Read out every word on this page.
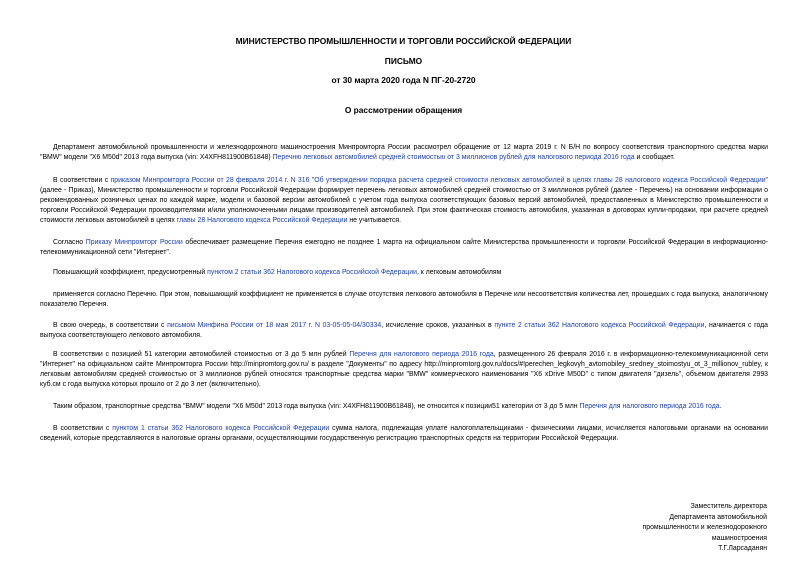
МИНИСТЕРСТВО ПРОМЫШЛЕННОСТИ И ТОРГОВЛИ РОССИЙСКОЙ ФЕДЕРАЦИИ
ПИСЬМО
от 30 марта 2020 года N ПГ-20-2720
О рассмотрении обращения
Департамент автомобильной промышленности и железнодорожного машиностроения Минпромторга России рассмотрел обращение от 12 марта 2019 г. N Б/Н по вопросу соответствия транспортного средства марки "BMW" модели "X6 M50d" 2013 года выпуска (vin: X4XFH811900B61848) Перечню легковых автомобилей средней стоимостью от 3 миллионов рублей для налогового периода 2016 года и сообщает.
В соответствии с приказом Минпромторга России от 28 февраля 2014 г. N 316 "Об утверждении порядка расчета средней стоимости легковых автомобилей в целях главы 28 налогового кодекса Российской Федерации" (далее - Приказ), Министерство промышленности и торговли Российской Федерации формирует перечень легковых автомобилей средней стоимостью от 3 миллионов рублей (далее - Перечень) на основании информации о рекомендованных розничных ценах по каждой марке, модели и базовой версии автомобилей с учетом года выпуска соответствующих базовых версий автомобилей, предоставленных в Министерство промышленности и торговли Российской Федерации производителями и/или уполномоченными лицами производителей автомобилей. При этом фактическая стоимость автомобиля, указанная в договорах купли-продажи, при расчете средней стоимости легковых автомобилей в целях главы 28 Налогового кодекса Российской Федерации не учитывается.
Согласно Приказу Минпромторг России обеспечивает размещение Перечня ежегодно не позднее 1 марта на официальном сайте Министерства промышленности и торговли Российской Федерации в информационно-телекоммуникационной сети "Интернет".
Повышающий коэффициент, предусмотренный пунктом 2 статьи 362 Налогового кодекса Российской Федерации, к легковым автомобилям
применяется согласно Перечню. При этом, повышающий коэффициент не применяется в случае отсутствия легкового автомобиля в Перечне или несоответствия количества лет, прошедших с года выпуска, аналогичному показателю Перечня.
В свою очередь, в соответствии с письмом Минфина России от 18 мая 2017 г. N 03-05-05-04/30334, исчисление сроков, указанных в пункте 2 статьи 362 Налогового кодекса Российской Федерации, начинается с года выпуска соответствующего легкового автомобиля.
В соответствии с позицией 51 категории автомобилей стоимостью от 3 до 5 млн рублей Перечня для налогового периода 2016 года, размещенного 26 февраля 2016 г. в информационно-телекоммуникационной сети "Интернет" на официальном сайте Минпромторга России http://minpromtorg.gov.ru/ в разделе "Документы" по адресу http://minpromtorg.gov.ru/docs/#!perechen_legkovyh_avtomobiley_sredney_stoimostyu_ot_3_millionov_rubley, к легковым автомобилям средней стоимостью от 3 миллионов рублей относятся транспортные средства марки "BMW" коммерческого наименования "X6 xDrive M50D" с типом двигателя "дизель", объемом двигателя 2993 куб.см с года выпуска которых прошло от 2 до 3 лет (включительно).
Таким образом, транспортные средства "BMW" модели "X6 M50d" 2013 года выпуска (vin: X4XFH811900B61848), не относится к позиции51 категории от 3 до 5 млн Перечня для налогового периода 2016 года.
В соответствии с пунктом 1 статьи 362 Налогового кодекса Российской Федерации сумма налога, подлежащая уплате налогоплательщиками - физическими лицами, исчисляется налоговыми органами на основании сведений, которые представляются в налоговые органы органами, осуществляющими государственную регистрацию транспортных средств на территории Российской Федерации.
Заместитель директора
Департамента автомобильной
промышленности и железнодорожного
машиностроения
Т.Г.Ларсаданян
